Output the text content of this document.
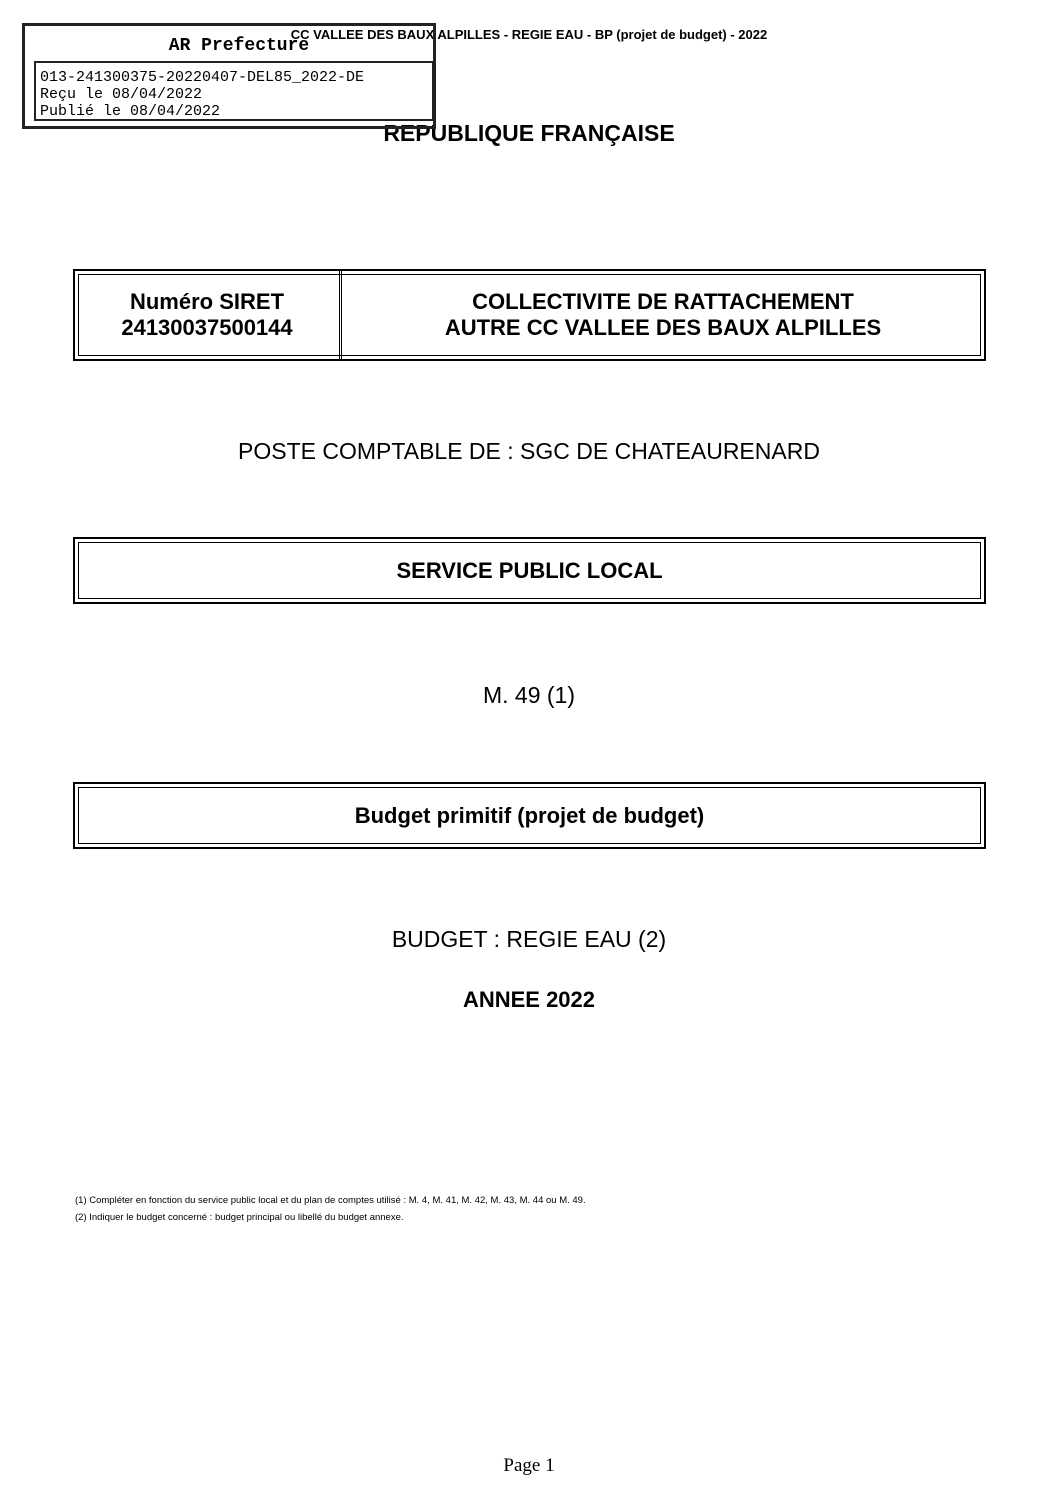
CC VALLEE DES BAUX ALPILLES - REGIE EAU - BP (projet de budget) - 2022
AR Prefecture
013-241300375-20220407-DEL85_2022-DE
Reçu le 08/04/2022
Publié le 08/04/2022
REPUBLIQUE FRANÇAISE
Numéro SIRET
24130037500144
COLLECTIVITE DE RATTACHEMENT
AUTRE CC VALLEE DES BAUX ALPILLES
POSTE COMPTABLE DE : SGC DE CHATEAURENARD
SERVICE PUBLIC LOCAL
M. 49 (1)
Budget primitif (projet de budget)
BUDGET : REGIE EAU (2)
ANNEE 2022
(1) Compléter en fonction du service public local et du plan de comptes utilisé : M. 4, M. 41, M. 42, M. 43, M. 44 ou M. 49.
(2) Indiquer le budget concerné : budget principal ou libellé du budget annexe.
Page 1
